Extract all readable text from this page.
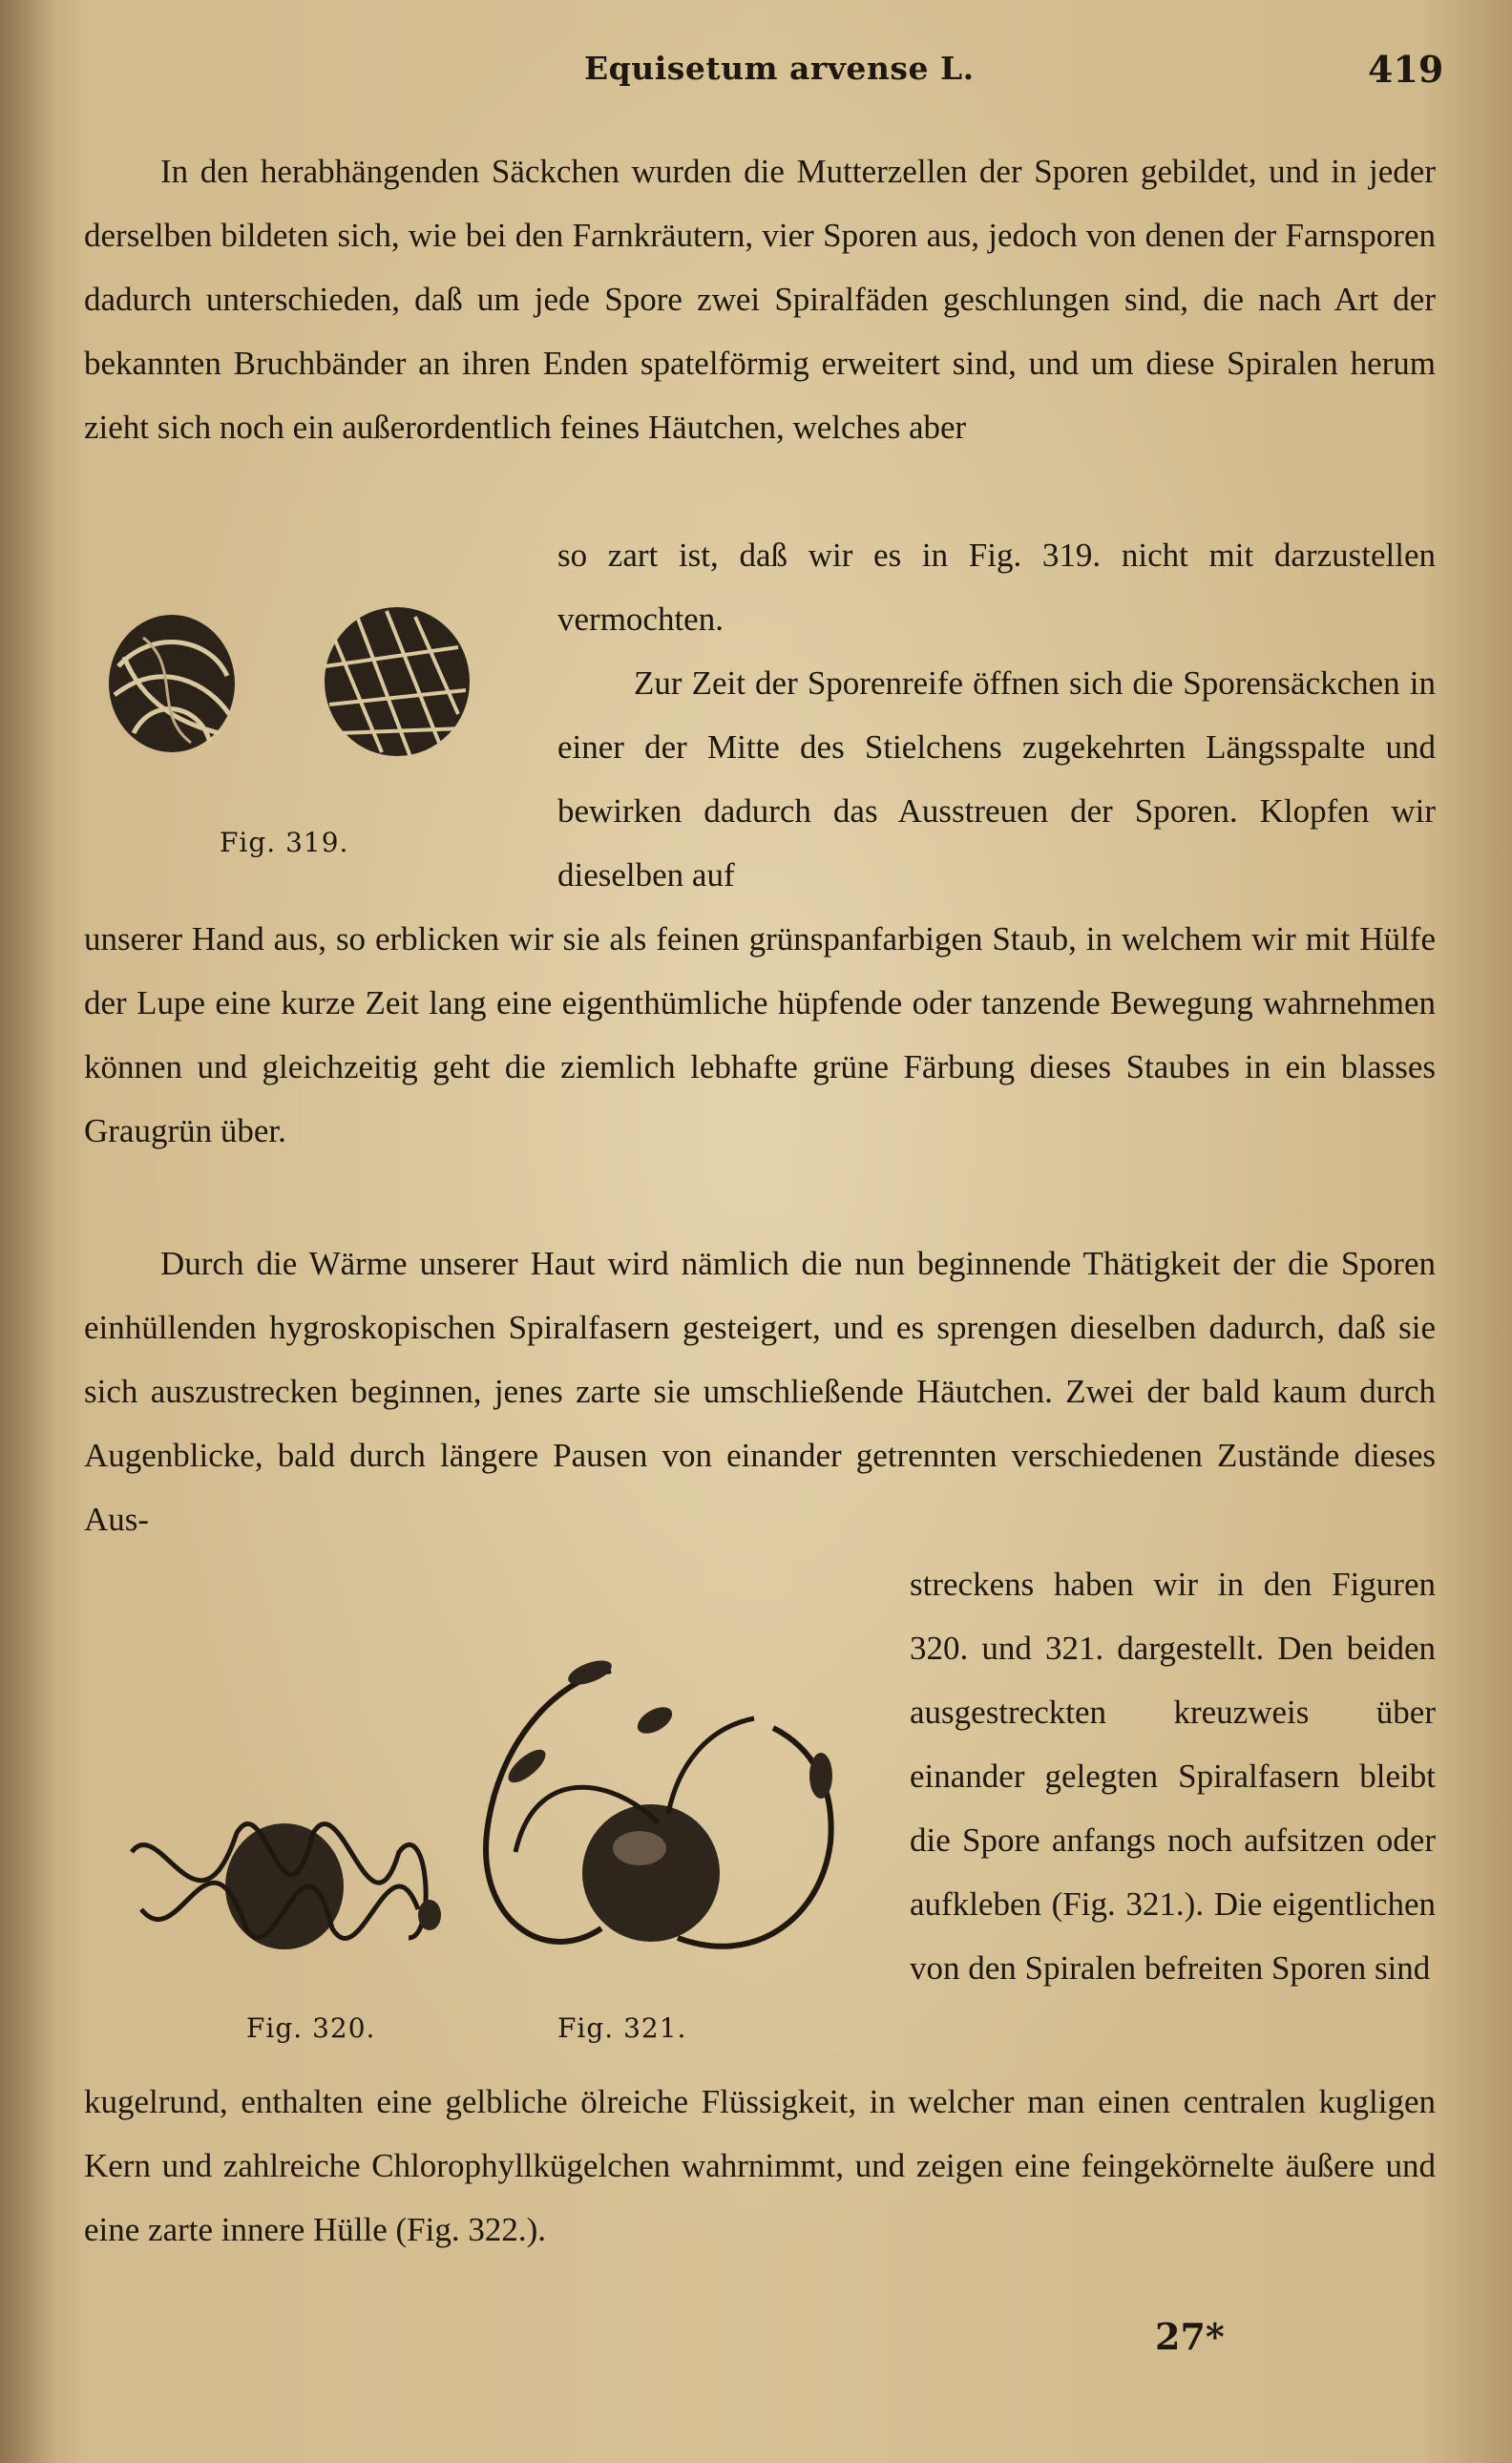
Equisetum arvense L.	419

In den herabhängenden Säckchen wurden die Mutterzellen der Sporen gebildet, und in jeder derselben bildeten sich, wie bei den Farnkräutern, vier Sporen aus, jedoch von denen der Farnsporen dadurch unterschieden, daß um jede Spore zwei Spiralfäden geschlungen sind, die nach Art der bekannten Bruchbänder an ihren Enden spatelförmig erweitert sind, und um diese Spiralen herum zieht sich noch ein außerordentlich feines Häutchen, welches aber

so zart ist, daß wir es in Fig. 319. nicht mit darzustellen vermochten.

Fig. 319.

Zur Zeit der Sporenreife öffnen sich die Sporensäckchen in einer der Mitte des Stielchens zugekehrten Längsspalte und bewirken dadurch das Ausstreuen der Sporen. Klopfen wir dieselben auf

unserer Hand aus, so erblicken wir sie als feinen grünspanfarbigen Staub, in welchem wir mit Hülfe der Lupe eine kurze Zeit lang eine eigenthümliche hüpfende oder tanzende Bewegung wahrnehmen können und gleichzeitig geht die ziemlich lebhafte grüne Färbung dieses Staubes in ein blasses Graugrün über.

Durch die Wärme unserer Haut wird nämlich die nun beginnende Thätigkeit der die Sporen einhüllenden hygroskopischen Spiralfasern gesteigert, und es sprengen dieselben dadurch, daß sie sich auszustrecken beginnen, jenes zarte sie umschließende Häutchen. Zwei der bald kaum durch Augenblicke, bald durch längere Pausen von einander getrennten verschiedenen Zustände dieses Aus-

streckens haben wir in den Figuren 320. und 321. dargestellt. Den beiden ausgestreckten kreuzweis über einander gelegten Spiralfasern bleibt die Spore anfangs noch aufsitzen oder aufkleben (Fig. 321.). Die eigentlichen von den Spiralen befreiten Sporen sind

Fig. 320.	Fig. 321.

kugelrund, enthalten eine gelbliche ölreiche Flüssigkeit, in welcher man einen centralen kugligen Kern und zahlreiche Chlorophyllkügelchen wahrnimmt, und zeigen eine feingekörnelte äußere und eine zarte innere Hülle (Fig. 322.).

27*
